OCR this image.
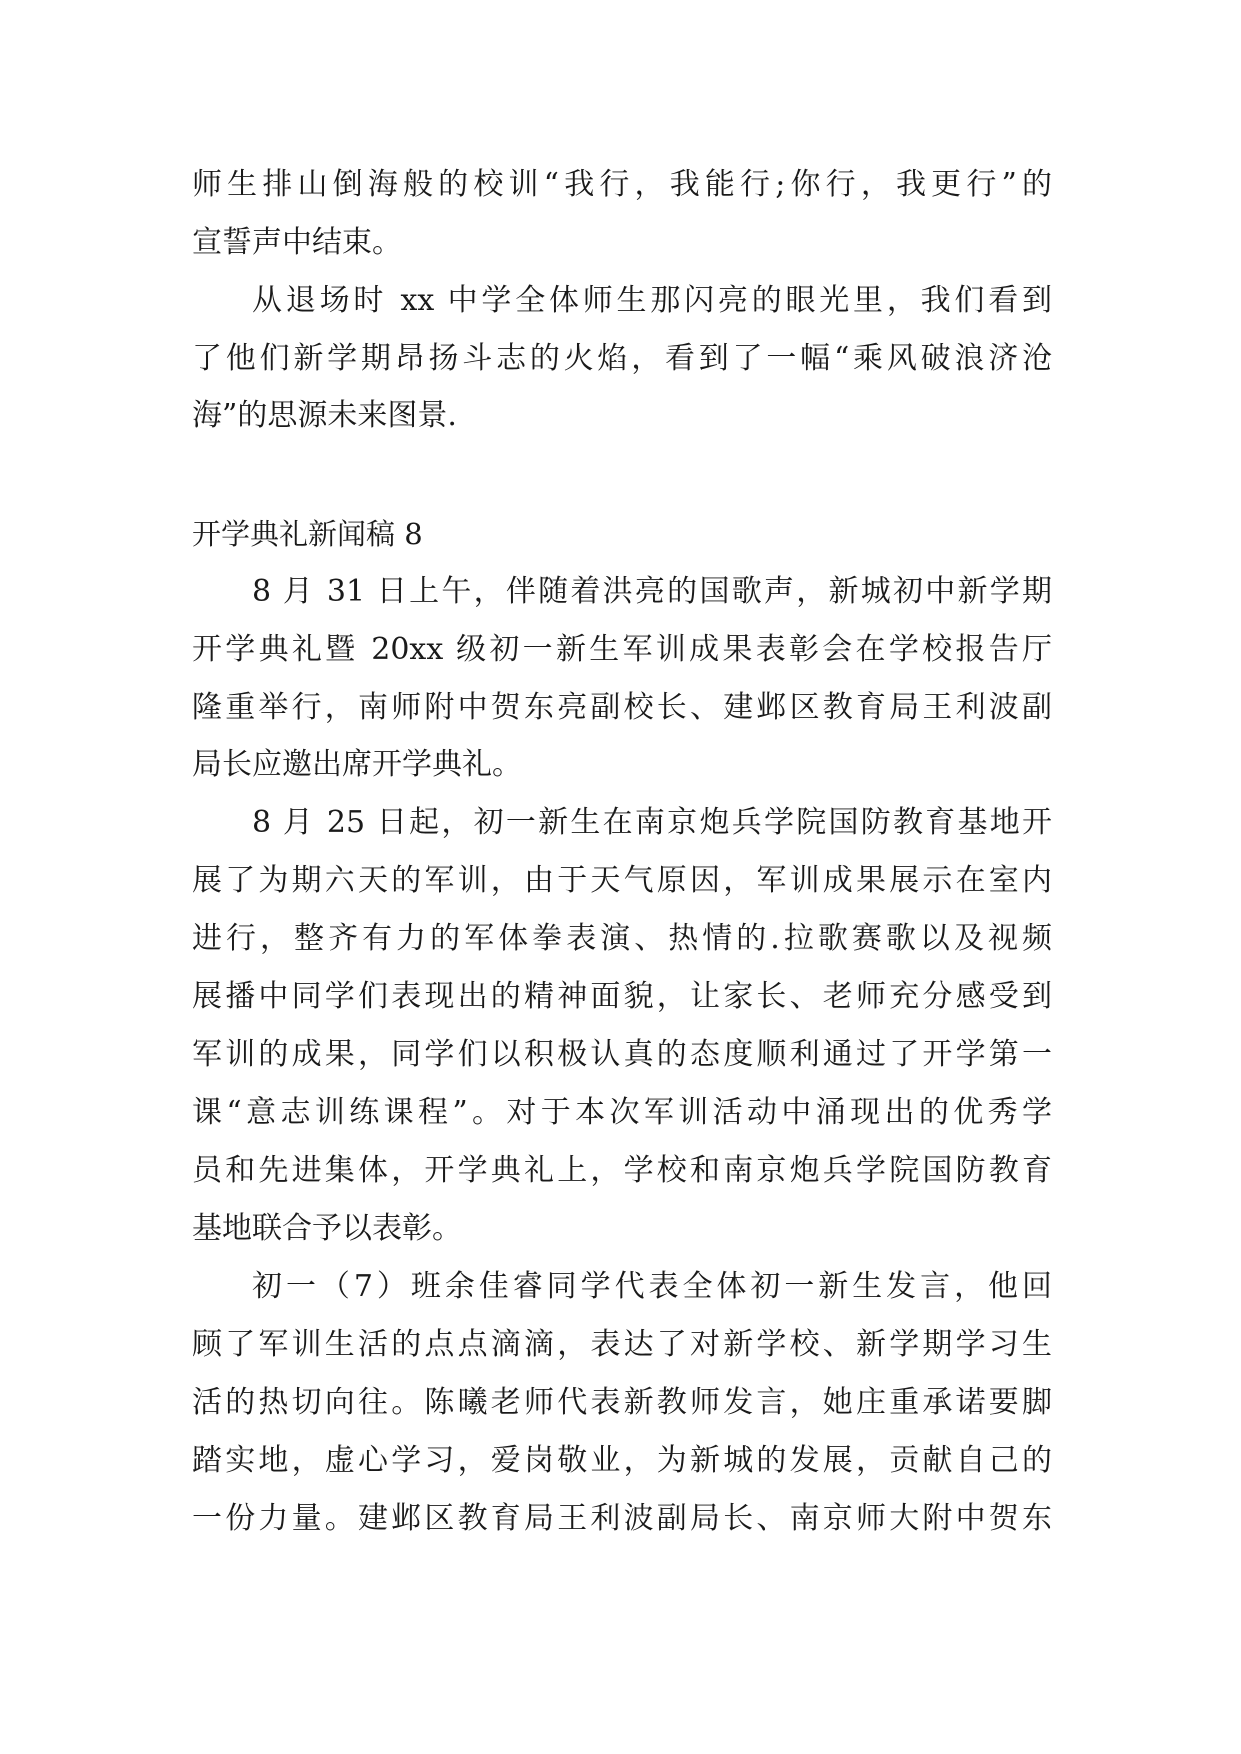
师生排山倒海般的校训“我行，我能行;你行，我更行”的
宣誓声中结束。
从退场时 xx 中学全体师生那闪亮的眼光里，我们看到
了他们新学期昂扬斗志的火焰，看到了一幅“乘风破浪济沧
海”的思源未来图景.
开学典礼新闻稿 8
8 月 31 日上午，伴随着洪亮的国歌声，新城初中新学期
开学典礼暨 20xx 级初一新生军训成果表彰会在学校报告厅
隆重举行，南师附中贺东亮副校长、建邺区教育局王利波副
局长应邀出席开学典礼。
8 月 25 日起，初一新生在南京炮兵学院国防教育基地开
展了为期六天的军训，由于天气原因，军训成果展示在室内
进行，整齐有力的军体拳表演、热情的.拉歌赛歌以及视频
展播中同学们表现出的精神面貌，让家长、老师充分感受到
军训的成果，同学们以积极认真的态度顺利通过了开学第一
课“意志训练课程”。对于本次军训活动中涌现出的优秀学
员和先进集体，开学典礼上，学校和南京炮兵学院国防教育
基地联合予以表彰。
初一（7）班余佳睿同学代表全体初一新生发言，他回
顾了军训生活的点点滴滴，表达了对新学校、新学期学习生
活的热切向往。陈曦老师代表新教师发言，她庄重承诺要脚
踏实地，虚心学习，爱岗敬业，为新城的发展，贡献自己的
一份力量。建邺区教育局王利波副局长、南京师大附中贺东
